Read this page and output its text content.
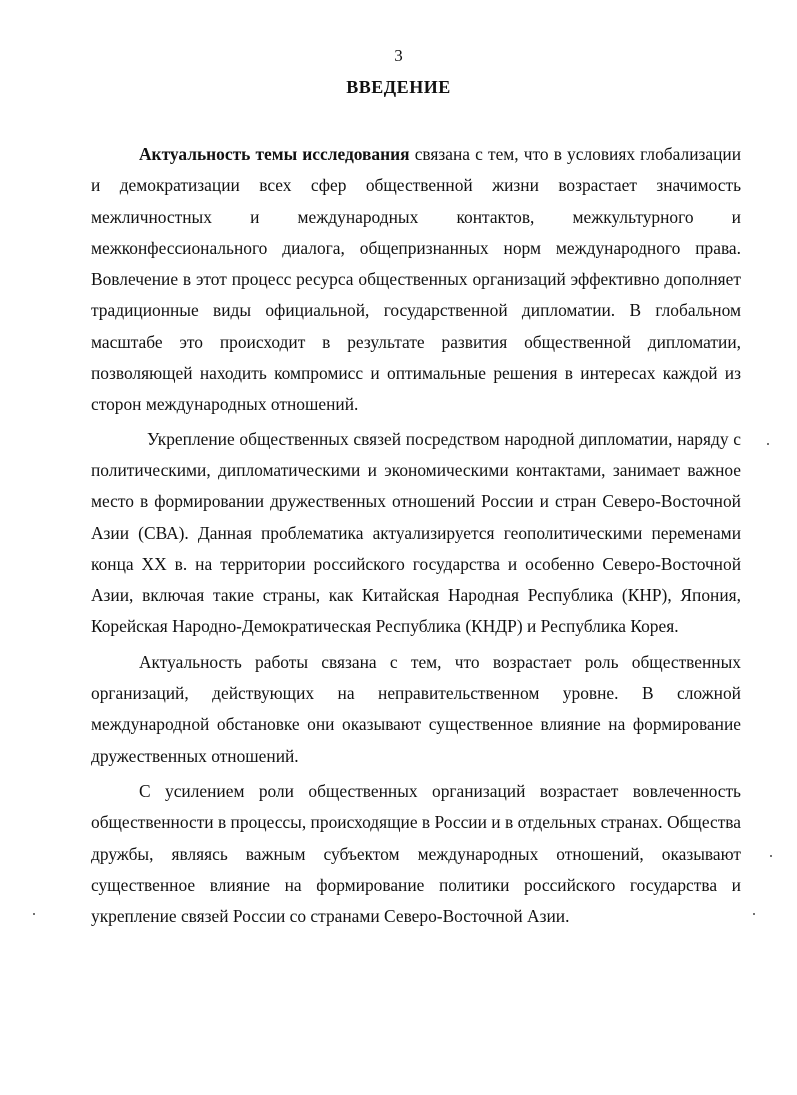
3
ВВЕДЕНИЕ

Актуальность темы исследования связана с тем, что в условиях глобализации и демократизации всех сфер общественной жизни возрастает значимость межличностных и международных контактов, межкультурного и межконфессионального диалога, общепризнанных норм международного права. Вовлечение в этот процесс ресурса общественных организаций эффективно дополняет традиционные виды официальной, государственной дипломатии. В глобальном масштабе это происходит в результате развития общественной дипломатии, позволяющей находить компромисс и оптимальные решения в интересах каждой из сторон международных отношений.

Укрепление общественных связей посредством народной дипломатии, наряду с политическими, дипломатическими и экономическими контактами, занимает важное место в формировании дружественных отношений России и стран Северо-Восточной Азии (СВА). Данная проблематика актуализируется геополитическими переменами конца XX в. на территории российского государства и особенно Северо-Восточной Азии, включая такие страны, как Китайская Народная Республика (КНР), Япония, Корейская Народно-Демократическая Республика (КНДР) и Республика Корея.

Актуальность работы связана с тем, что возрастает роль общественных организаций, действующих на неправительственном уровне. В сложной международной обстановке они оказывают существенное влияние на формирование дружественных отношений.

С усилением роли общественных организаций возрастает вовлеченность общественности в процессы, происходящие в России и в отдельных странах. Общества дружбы, являясь важным субъектом международных отношений, оказывают существенное влияние на формирование политики российского государства и укрепление связей России со странами Северо-Восточной Азии.
